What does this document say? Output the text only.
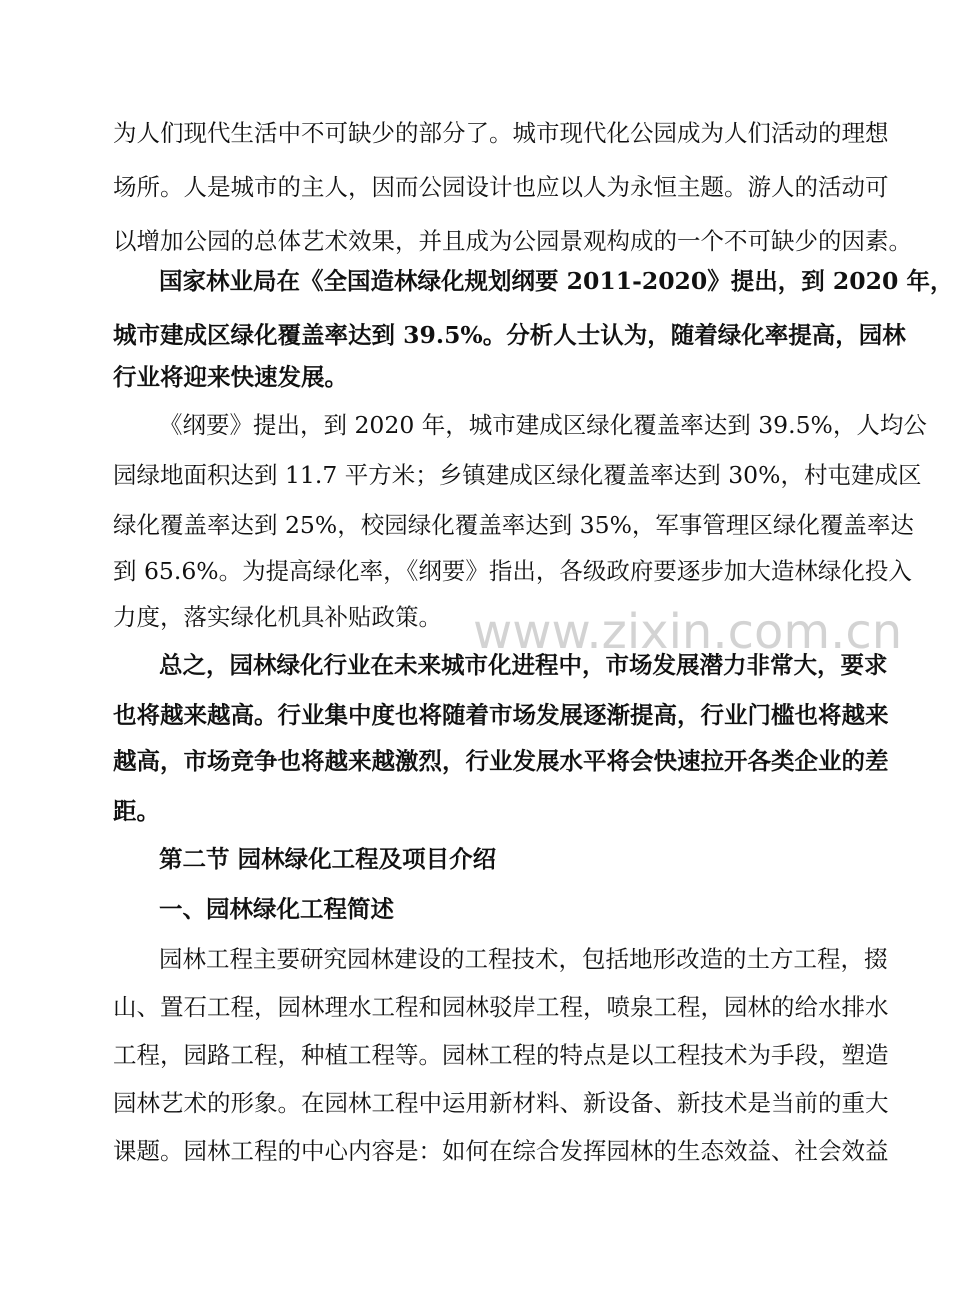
为人们现代生活中不可缺少的部分了。城市现代化公园成为人们活动的理想
场所。人是城市的主人，因而公园设计也应以人为永恒主题。游人的活动可
以增加公园的总体艺术效果，并且成为公园景观构成的一个不可缺少的因素。
国家林业局在《全国造林绿化规划纲要 2011-2020》提出，到 2020 年，
城市建成区绿化覆盖率达到 39.5%。分析人士认为，随着绿化率提高，园林
行业将迎来快速发展。
《纲要》提出，到 2020 年，城市建成区绿化覆盖率达到 39.5%，人均公
园绿地面积达到 11.7 平方米；乡镇建成区绿化覆盖率达到 30%，村屯建成区
绿化覆盖率达到 25%，校园绿化覆盖率达到 35%，军事管理区绿化覆盖率达
到 65.6%。为提高绿化率，《纲要》指出，各级政府要逐步加大造林绿化投入
力度，落实绿化机具补贴政策。
总之，园林绿化行业在未来城市化进程中，市场发展潜力非常大，要求
也将越来越高。行业集中度也将随着市场发展逐渐提高，行业门槛也将越来
越高，市场竞争也将越来越激烈，行业发展水平将会快速拉开各类企业的差
距。
第二节 园林绿化工程及项目介绍
一、园林绿化工程简述
园林工程主要研究园林建设的工程技术，包括地形改造的土方工程，掇
山、置石工程，园林理水工程和园林驳岸工程，喷泉工程，园林的给水排水
工程，园路工程，种植工程等。园林工程的特点是以工程技术为手段，塑造
园林艺术的形象。在园林工程中运用新材料、新设备、新技术是当前的重大
课题。园林工程的中心内容是：如何在综合发挥园林的生态效益、社会效益
www.zixin.com.cn
